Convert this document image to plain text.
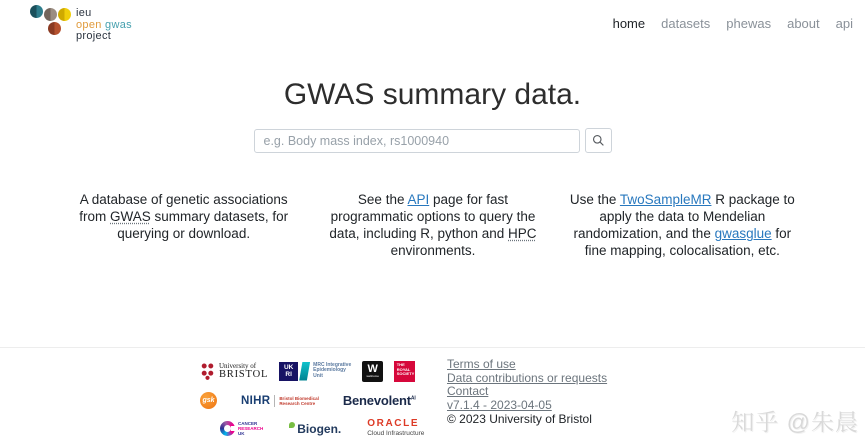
ieu
open gwas
project
home datasets phewas about api
GWAS summary data.
e.g. Body mass index, rs1000940

A database of genetic associations from GWAS summary datasets, for querying or download.

See the API page for fast programmatic options to query the data, including R, python and HPC environments.

Use the TwoSampleMR R package to apply the data to Mendelian randomization, and the gwasglue for fine mapping, colocalisation, etc.

University of
BRISTOL
UK
RI
MRC Integrative
Epidemiology
Unit
W
wellcome
THE ROYAL SOCIETY
gsk NIHR Bristol Biomedical
Research Centre Benevolent$^{AI}$
CANCER
RESEARCH
UK	Biogen.	ORACLE
Cloud Infrastructure
Terms of use
Data contributions or requests
Contact
v7.1.4 - 2023-04-05
© 2023 University of Bristol	知乎 @朱晨
